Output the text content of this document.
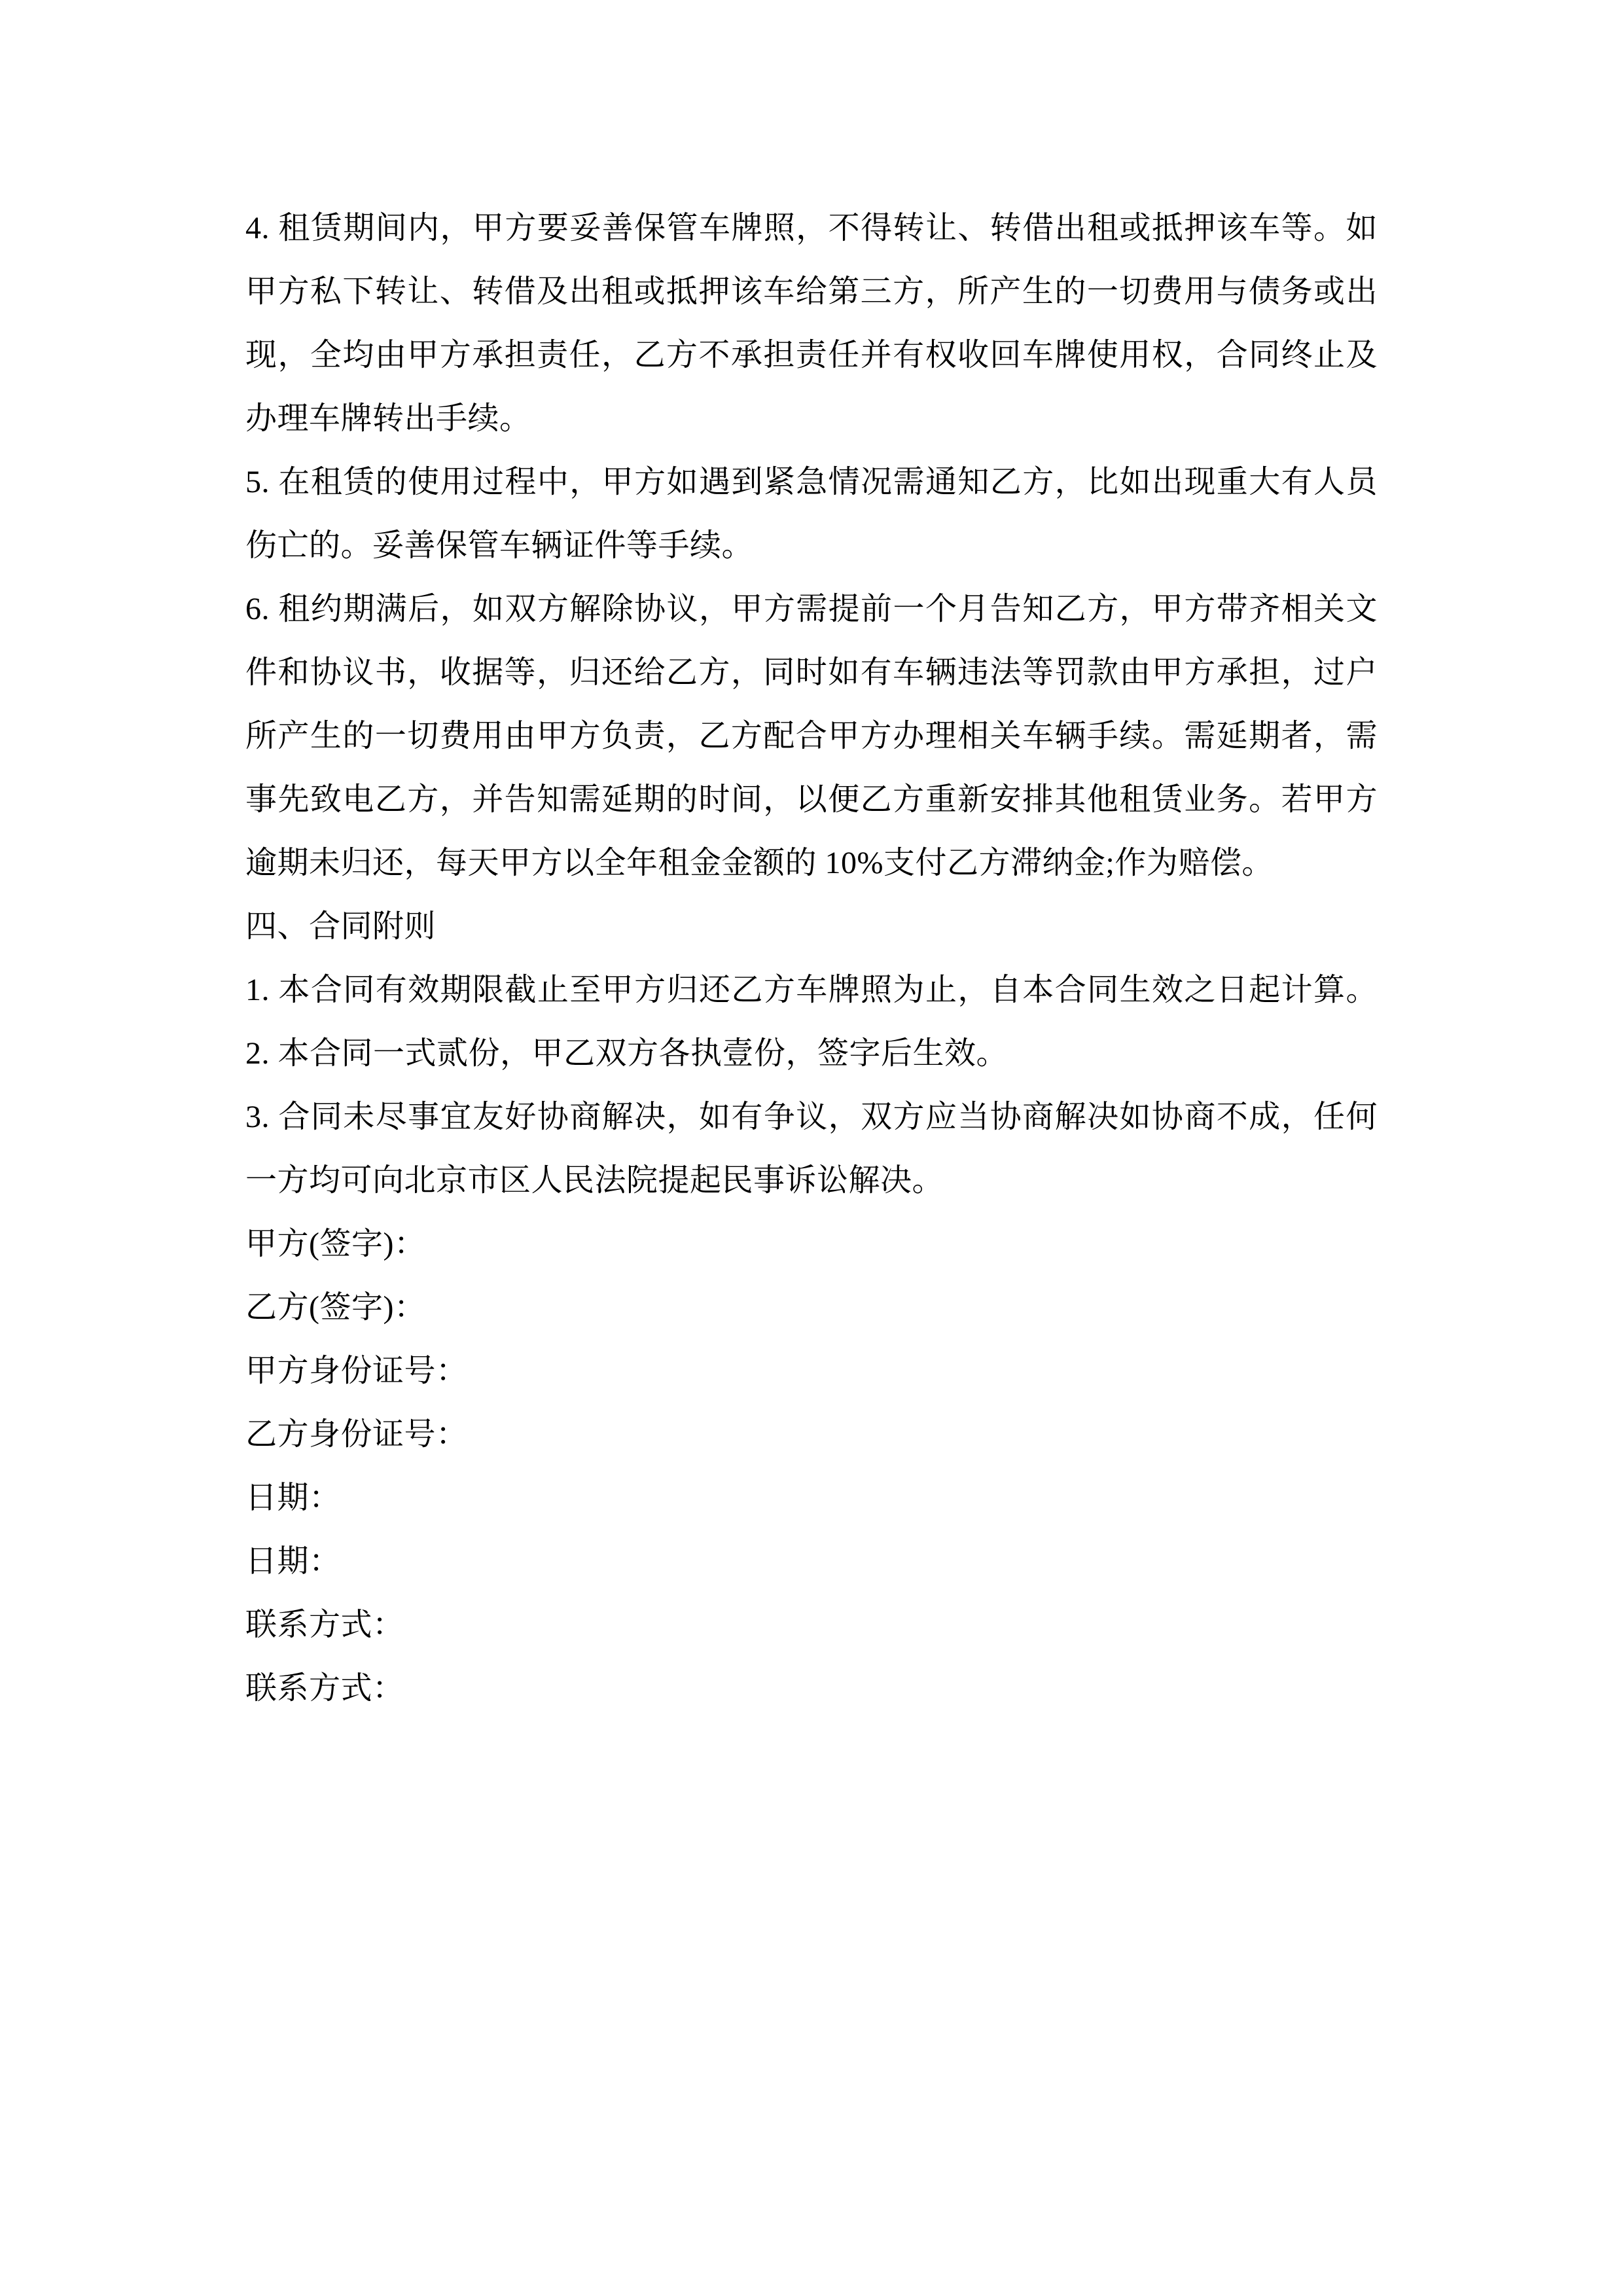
4. 租赁期间内，甲方要妥善保管车牌照，不得转让、转借出租或抵押该车等。如

甲方私下转让、转借及出租或抵押该车给第三方，所产生的一切费用与债务或出

现，全均由甲方承担责任，乙方不承担责任并有权收回车牌使用权，合同终止及

办理车牌转出手续。

5. 在租赁的使用过程中，甲方如遇到紧急情况需通知乙方，比如出现重大有人员

伤亡的。妥善保管车辆证件等手续。

6. 租约期满后，如双方解除协议，甲方需提前一个月告知乙方，甲方带齐相关文

件和协议书，收据等，归还给乙方，同时如有车辆违法等罚款由甲方承担，过户

所产生的一切费用由甲方负责，乙方配合甲方办理相关车辆手续。需延期者，需

事先致电乙方，并告知需延期的时间，以便乙方重新安排其他租赁业务。若甲方

逾期未归还，每天甲方以全年租金金额的 10%支付乙方滞纳金;作为赔偿。

四、合同附则

1. 本合同有效期限截止至甲方归还乙方车牌照为止，自本合同生效之日起计算。

2. 本合同一式贰份，甲乙双方各执壹份，签字后生效。

3. 合同未尽事宜友好协商解决，如有争议，双方应当协商解决如协商不成，任何

一方均可向北京市区人民法院提起民事诉讼解决。

甲方(签字)：

乙方(签字)：

甲方身份证号：

乙方身份证号：

日期：

日期：

联系方式：

联系方式：
